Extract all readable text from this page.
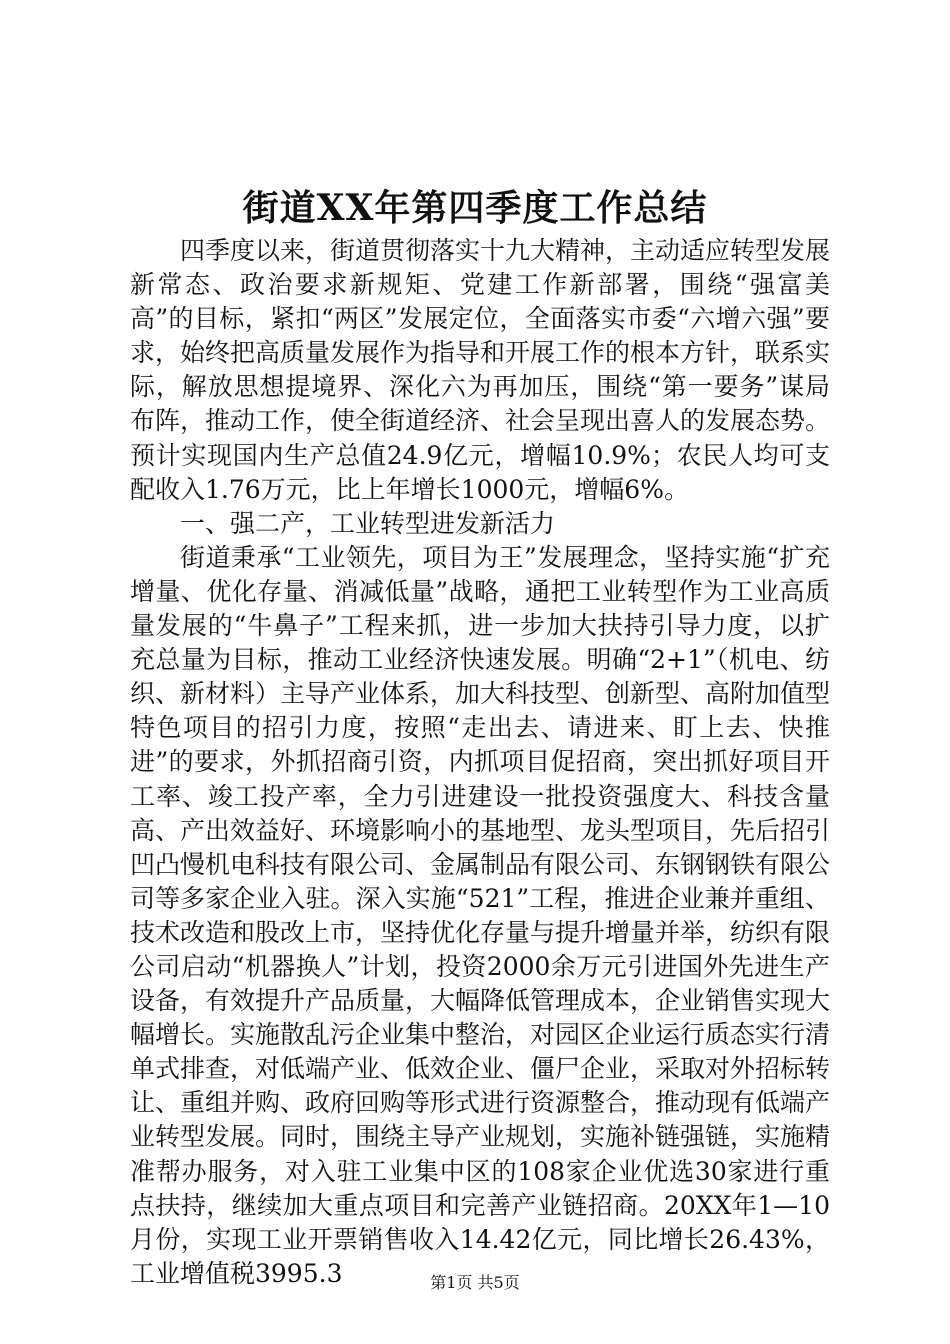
街道XX年第四季度工作总结

四季度以来，街道贯彻落实十九大精神，主动适应转型发展新常态、政治要求新规矩、党建工作新部署，围绕“强富美高”的目标，紧扣“两区”发展定位，全面落实市委“六增六强”要求，始终把高质量发展作为指导和开展工作的根本方针，联系实际，解放思想提境界、深化六为再加压，围绕“第一要务”谋局布阵，推动工作，使全街道经济、社会呈现出喜人的发展态势。预计实现国内生产总值24.9亿元，增幅10.9%；农民人均可支配收入1.76万元，比上年增长1000元，增幅6%。

一、强二产，工业转型进发新活力

街道秉承“工业领先，项目为王”发展理念，坚持实施“扩充增量、优化存量、消减低量”战略，通把工业转型作为工业高质量发展的“牛鼻子”工程来抓，进一步加大扶持引导力度，以扩充总量为目标，推动工业经济快速发展。明确“2+1”（机电、纺织、新材料）主导产业体系，加大科技型、创新型、高附加值型特色项目的招引力度，按照“走出去、请进来、盯上去、快推进”的要求，外抓招商引资，内抓项目促招商，突出抓好项目开工率、竣工投产率，全力引进建设一批投资强度大、科技含量高、产出效益好、环境影响小的基地型、龙头型项目，先后招引凹凸慢机电科技有限公司、金属制品有限公司、东钢钢铁有限公司等多家企业入驻。深入实施“521”工程，推进企业兼并重组、技术改造和股改上市，坚持优化存量与提升增量并举，纺织有限公司启动“机器换人”计划，投资2000余万元引进国外先进生产设备，有效提升产品质量，大幅降低管理成本，企业销售实现大幅增长。实施散乱污企业集中整治，对园区企业运行质态实行清单式排查，对低端产业、低效企业、僵尸企业，采取对外招标转让、重组并购、政府回购等形式进行资源整合，推动现有低端产业转型发展。同时，围绕主导产业规划，实施补链强链，实施精准帮办服务，对入驻工业集中区的108家企业优选30家进行重点扶持，继续加大重点项目和完善产业链招商。20XX年1—10月份，实现工业开票销售收入14.42亿元，同比增长26.43%，工业增值税3995.3	第1页 共5页
